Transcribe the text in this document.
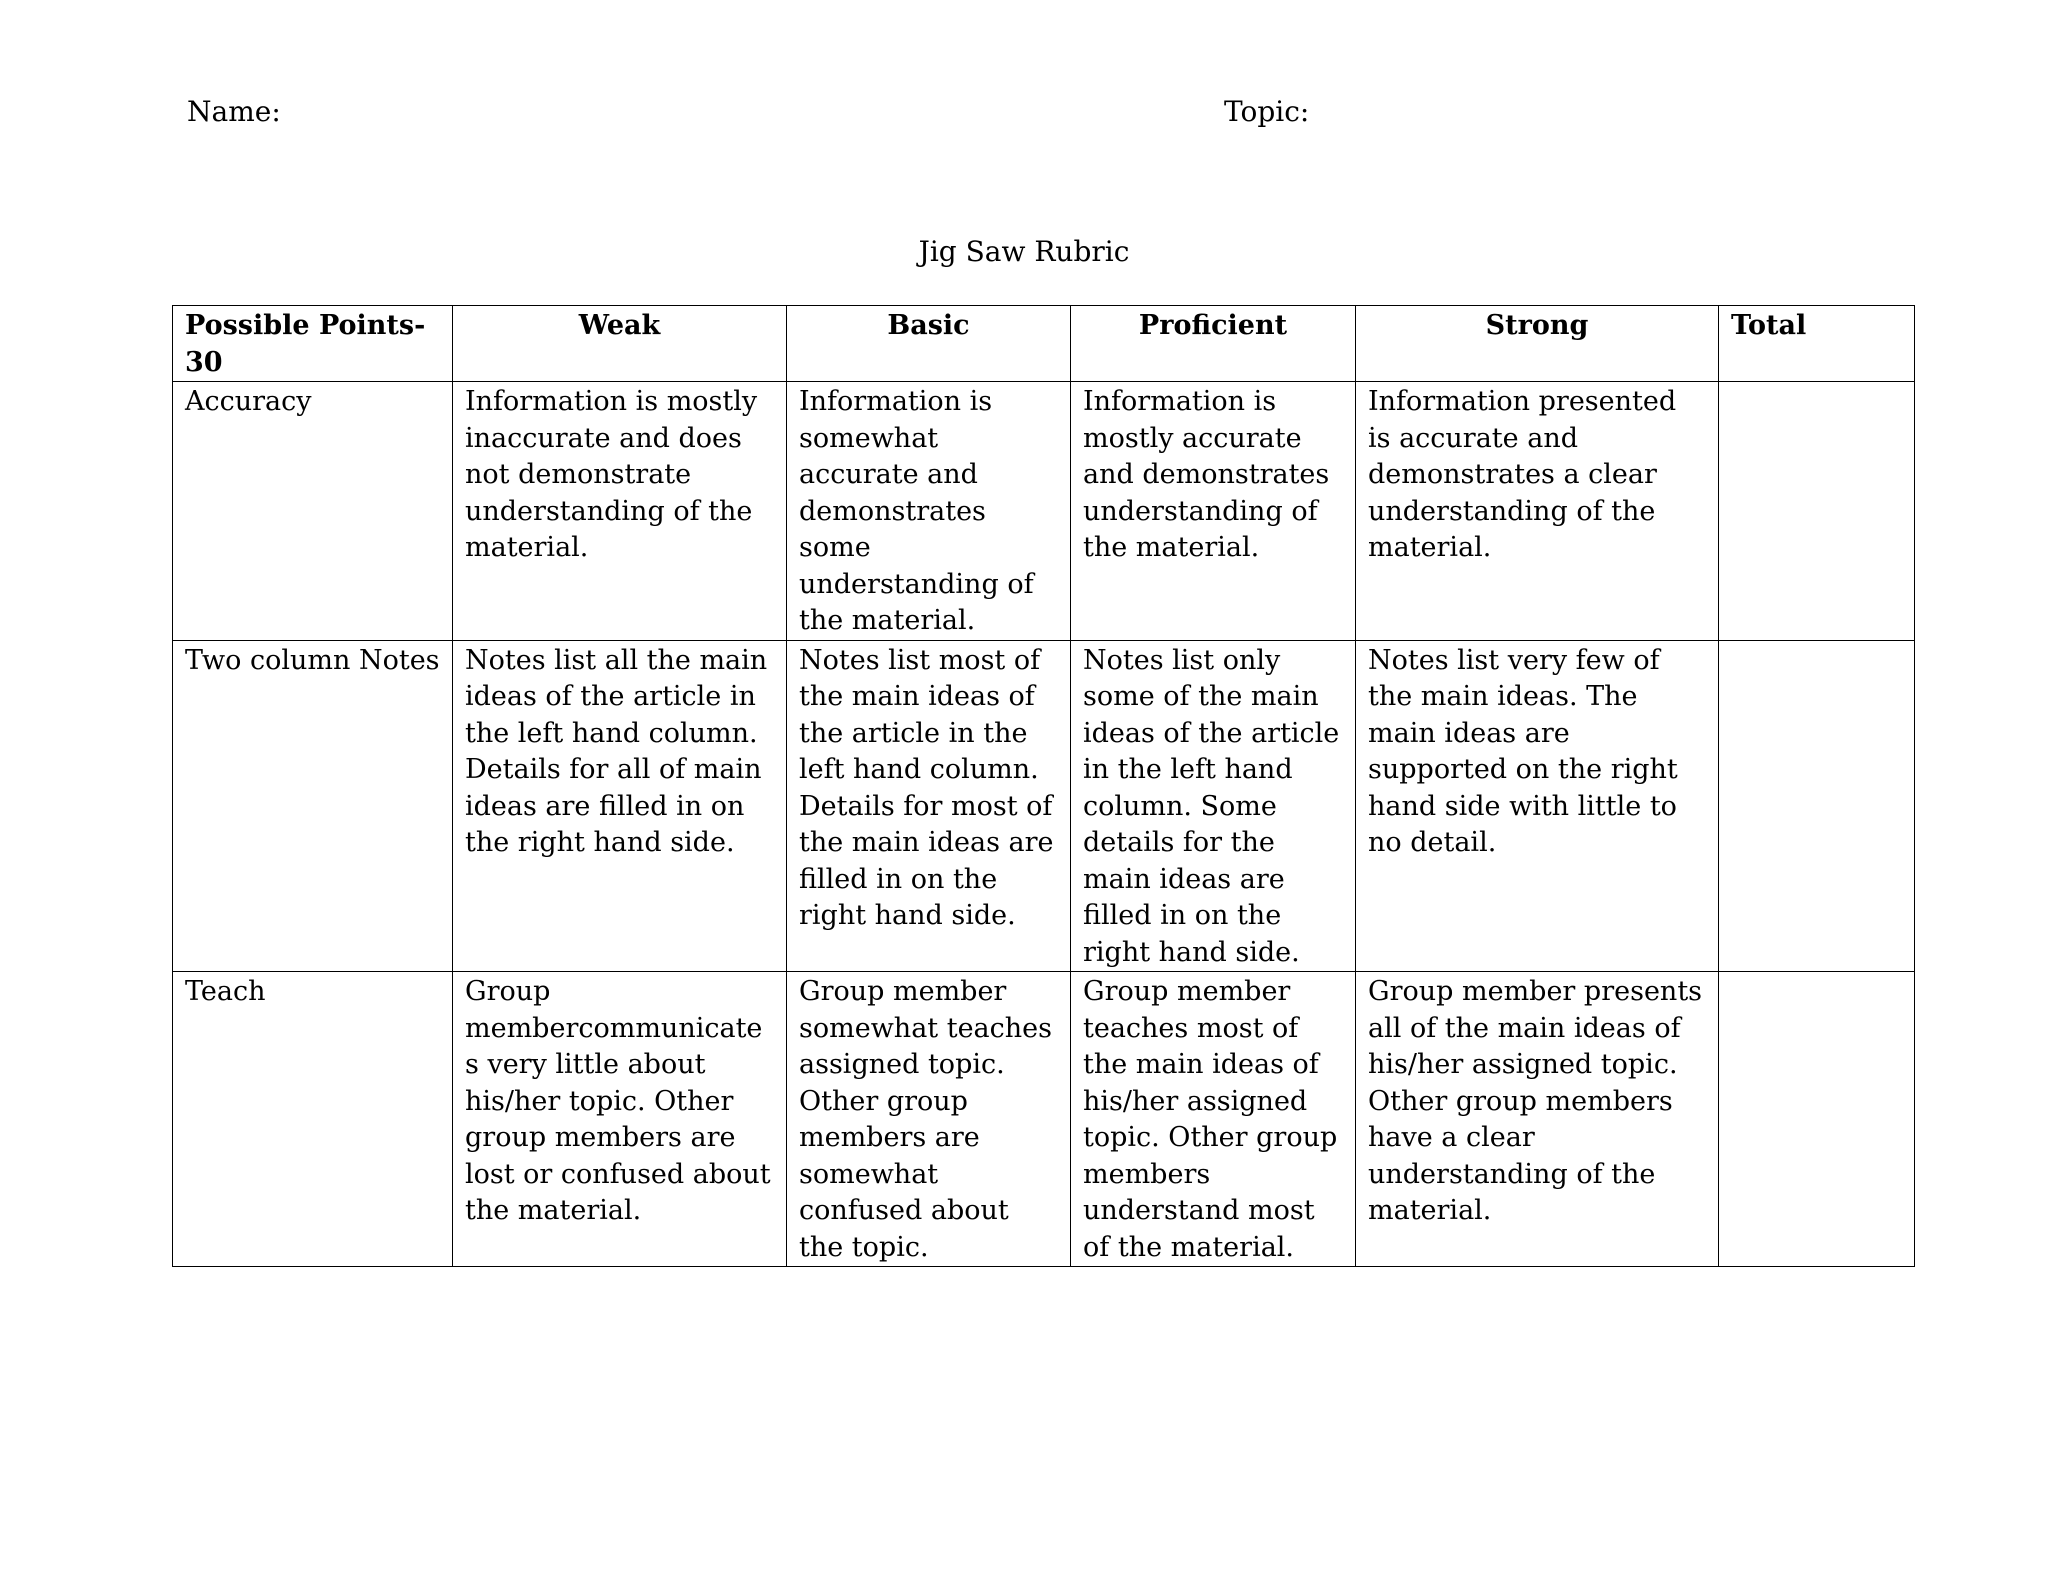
Name:	Topic:
Jig Saw Rubric
Possible Points-30	Weak	Basic	Proficient	Strong	Total
Accuracy	Information is mostly inaccurate and does not demonstrate understanding of the material.	Information is somewhat accurate and demonstrates some understanding of the material.	Information is mostly accurate and demonstrates understanding of the material.	Information presented is accurate and demonstrates a clear understanding of the material.	
Two column Notes	Notes list all the main ideas of the article in the left hand column. Details for all of main ideas are filled in on the right hand side.	Notes list most of the main ideas of the article in the left hand column. Details for most of the main ideas are filled in on the right hand side.	Notes list only some of the main ideas of the article in the left hand column. Some details for the main ideas are filled in on the right hand side.	Notes list very few of the main ideas. The main ideas are supported on the right hand side with little to no detail.	
Teach	Group membercommunicates very little about his/her topic. Other group members are lost or confused about the material.	Group member somewhat teaches assigned topic. Other group members are somewhat confused about the topic.	Group member teaches most of the main ideas of his/her assigned topic. Other group members understand most of the material.	Group member presents all of the main ideas of his/her assigned topic. Other group members have a clear understanding of the material.	
